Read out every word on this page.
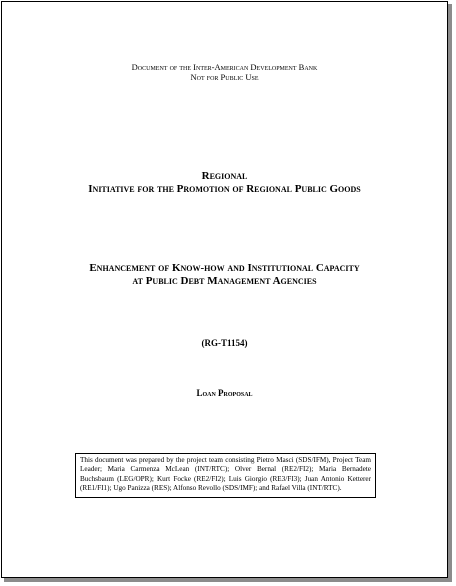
Document of the Inter-American Development Bank
Not for Public Use
Regional
Initiative for the Promotion of Regional Public Goods
Enhancement of Know-how and Institutional Capacity
at Public Debt Management Agencies
(RG-T1154)
Loan Proposal
This document was prepared by the project team consisting Pietro Masci (SDS/IFM), Project Team Leader; Maria Carmenza McLean (INT/RTC); Olver Bernal (RE2/FI2); Maria Bernadete Buchsbaum (LEG/OPR); Kurt Focke (RE2/FI2); Luis Giorgio (RE3/FI3); Juan Antonio Ketterer (RE1/FI1); Ugo Panizza (RES); Alfonso Revollo (SDS/IMF); and Rafael Villa (INT/RTC).
